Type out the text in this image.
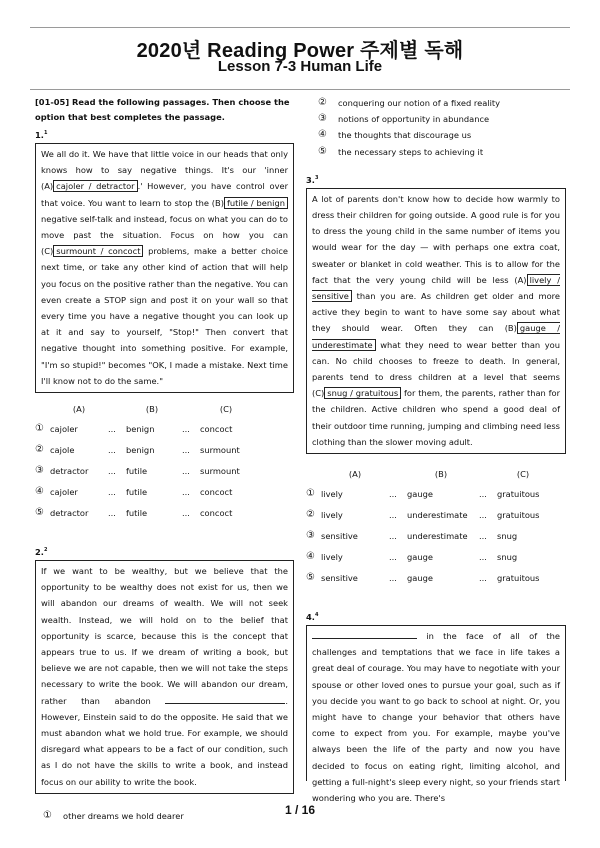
2020년 Reading Power 주제별 독해
Lesson 7-3 Human Life
[01-05] Read the following passages. Then choose the option that best completes the passage.
1.$^1$
We all do it. We have that little voice in our heads that only knows how to say negative things. It's our 'inner (A) cajoler / detractor .' However, you have control over that voice. You want to learn to stop the (B) futile / benign negative self-talk and instead, focus on what you can do to move past the situation. Focus on how you can (C) surmount / concoct problems, make a better choice next time, or take any other kind of action that will help you focus on the positive rather than the negative. You can even create a STOP sign and post it on your wall so that every time you have a negative thought you can look up at it and say to yourself, "Stop!" Then convert that negative thought into something positive. For example, "I'm so stupid!" becomes "OK, I made a mistake. Next time I'll know not to do the same."
	(A)		(B)		(C)
①	cajoler	...	benign	...	concoct
②	cajole	...	benign	...	surmount
③	detractor	...	futile	...	surmount
④	cajoler	...	futile	...	concoct
⑤	detractor	...	futile	...	concoct
2.$^2$
If we want to be wealthy, but we believe that the opportunity to be wealthy does not exist for us, then we will abandon our dreams of wealth. We will not seek wealth. Instead, we will hold on to the belief that opportunity is scarce, because this is the concept that appears true to us. If we dream of writing a book, but believe we are not capable, then we will not take the steps necessary to write the book. We will abandon our dream, rather than abandon	. However, Einstein said to do the opposite. He said that we must abandon what we hold true. For example, we should disregard what appears to be a fact of our condition, such as I do not have the skills to write a book, and instead focus on our ability to write the book.
①	other dreams we hold dearer
②	conquering our notion of a fixed reality
③	notions of opportunity in abundance
④	the thoughts that discourage us
⑤	the necessary steps to achieving it
3.$^3$
A lot of parents don't know how to decide how warmly to dress their children for going outside. A good rule is for you to dress the young child in the same number of items you would wear for the day — with perhaps one extra coat, sweater or blanket in cold weather. This is to allow for the fact that the very young child will be less (A) lively / sensitive than you are. As children get older and more active they begin to want to have some say about what they should wear. Often they can (B) gauge / underestimate what they need to wear better than you can. No child chooses to freeze to death. In general, parents tend to dress children at a level that seems (C) snug / gratuitous for them, the parents, rather than for the children. Active children who spend a good deal of their outdoor time running, jumping and climbing need less clothing than the slower moving adult.
	(A)		(B)		(C)
①	lively	...	gauge	...	gratuitous
②	lively	...	underestimate	...	gratuitous
③	sensitive	...	underestimate	...	snug
④	lively	...	gauge	...	snug
⑤	sensitive	...	gauge	...	gratuitous
4.$^4$
in the face of all of the challenges and temptations that we face in life takes a great deal of courage. You may have to negotiate with your spouse or other loved ones to pursue your goal, such as if you decide you want to go back to school at night. Or, you might have to change your behavior that others have come to expect from you. For example, maybe you've always been the life of the party and now you have decided to focus on eating right, limiting alcohol, and getting a full-night's sleep every night, so your friends start wondering who you are. There's
1 / 16
